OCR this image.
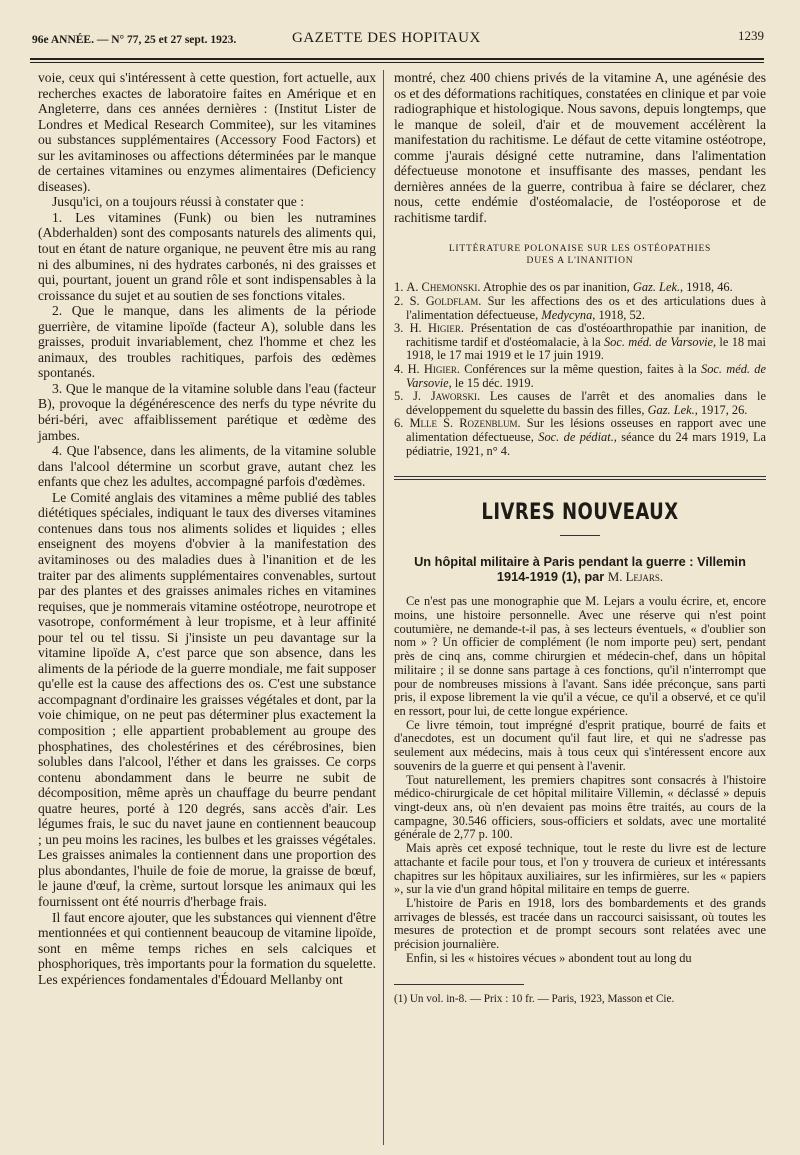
96e ANNÉE. — N° 77, 25 et 27 sept. 1923.	GAZETTE DES HOPITAUX	1239

voie, ceux qui s'intéressent à cette question, fort actuelle, aux recherches exactes de laboratoire faites en Amérique et en Angleterre, dans ces années dernières : (Institut Lister de Londres et Medical Research Commitee), sur les vitamines ou substances supplémentaires (Accessory Food Factors) et sur les avitaminoses ou affections déterminées par le manque de certaines vitamines ou enzymes alimentaires (Deficiency diseases).

Jusqu'ici, on a toujours réussi à constater que :

1. Les vitamines (Funk) ou bien les nutramines (Abderhalden) sont des composants naturels des aliments qui, tout en étant de nature organique, ne peuvent être mis au rang ni des albumines, ni des hydrates carbonés, ni des graisses et qui, pourtant, jouent un grand rôle et sont indispensables à la croissance du sujet et au soutien de ses fonctions vitales.

2. Que le manque, dans les aliments de la période guerrière, de vitamine lipoïde (facteur A), soluble dans les graisses, produit invariablement, chez l'homme et chez les animaux, des troubles rachitiques, parfois des œdèmes spontanés.

3. Que le manque de la vitamine soluble dans l'eau (facteur B), provoque la dégénérescence des nerfs du type névrite du béri-béri, avec affaiblissement parétique et œdème des jambes.

4. Que l'absence, dans les aliments, de la vitamine soluble dans l'alcool détermine un scorbut grave, autant chez les enfants que chez les adultes, accompagné parfois d'œdèmes.

Le Comité anglais des vitamines a même publié des tables diététiques spéciales, indiquant le taux des diverses vitamines contenues dans tous nos aliments solides et liquides ; elles enseignent des moyens d'obvier à la manifestation des avitaminoses ou des maladies dues à l'inanition et de les traiter par des aliments supplémentaires convenables, surtout par des plantes et des graisses animales riches en vitamines requises, que je nommerais vitamine ostéotrope, neurotrope et vasotrope, conformément à leur tropisme, et à leur affinité pour tel ou tel tissu. Si j'insiste un peu davantage sur la vitamine lipoïde A, c'est parce que son absence, dans les aliments de la période de la guerre mondiale, me fait supposer qu'elle est la cause des affections des os. C'est une substance accompagnant d'ordinaire les graisses végétales et dont, par la voie chimique, on ne peut pas déterminer plus exactement la composition ; elle appartient probablement au groupe des phosphatines, des cholestérines et des cérébrosines, bien solubles dans l'alcool, l'éther et dans les graisses. Ce corps contenu abondamment dans le beurre ne subit de décomposition, même après un chauffage du beurre pendant quatre heures, porté à 120 degrés, sans accès d'air. Les légumes frais, le suc du navet jaune en contiennent beaucoup ; un peu moins les racines, les bulbes et les graisses végétales. Les graisses animales la contiennent dans une proportion des plus abondantes, l'huile de foie de morue, la graisse de bœuf, le jaune d'œuf, la crème, surtout lorsque les animaux qui les fournissent ont été nourris d'herbage frais.

Il faut encore ajouter, que les substances qui viennent d'être mentionnées et qui contiennent beaucoup de vitamine lipoïde, sont en même temps riches en sels calciques et phosphoriques, très importants pour la formation du squelette. Les expériences fondamentales d'Édouard Mellanby ont

montré, chez 400 chiens privés de la vitamine A, une agénésie des os et des déformations rachitiques, constatées en clinique et par voie radiographique et histologique. Nous savons, depuis longtemps, que le manque de soleil, d'air et de mouvement accélèrent la manifestation du rachitisme. Le défaut de cette vitamine ostéotrope, comme j'aurais désigné cette nutramine, dans l'alimentation défectueuse monotone et insuffisante des masses, pendant les dernières années de la guerre, contribua à faire se déclarer, chez nous, cette endémie d'ostéomalacie, de l'ostéoporose et de rachitisme tardif.

LITTÉRATURE POLONAISE SUR LES OSTÉOPATHIES
DUES A L'INANITION

1. A. Chemonski. Atrophie des os par inanition, Gaz. Lek., 1918, 46.

2. S. Goldflam. Sur les affections des os et des articulations dues à l'alimentation défectueuse, Medycyna, 1918, 52.

3. H. Higier. Présentation de cas d'ostéoarthropathie par inanition, de rachitisme tardif et d'ostéomalacie, à la Soc. méd. de Varsovie, le 18 mai 1918, le 17 mai 1919 et le 17 juin 1919.

4. H. Higier. Conférences sur la même question, faites à la Soc. méd. de Varsovie, le 15 déc. 1919.

5. J. Jaworski. Les causes de l'arrêt et des anomalies dans le développement du squelette du bassin des filles, Gaz. Lek., 1917, 26.

6. Mlle S. Rozenblum. Sur les lésions osseuses en rapport avec une alimentation défectueuse, Soc. de pédiat., séance du 24 mars 1919, La pédiatrie, 1921, n° 4.

LIVRES NOUVEAUX
Un hôpital militaire à Paris pendant la guerre : Villemin
1914-1919 (1), par M. Lejars.

Ce n'est pas une monographie que M. Lejars a voulu écrire, et, encore moins, une histoire personnelle. Avec une réserve qui n'est point coutumière, ne demande-t-il pas, à ses lecteurs éventuels, « d'oublier son nom » ? Un officier de complément (le nom importe peu) sert, pendant près de cinq ans, comme chirurgien et médecin-chef, dans un hôpital militaire ; il se donne sans partage à ces fonctions, qu'il n'interrompt que pour de nombreuses missions à l'avant. Sans idée préconçue, sans parti pris, il expose librement la vie qu'il a vécue, ce qu'il a observé, et ce qu'il en ressort, pour lui, de cette longue expérience.

Ce livre témoin, tout imprégné d'esprit pratique, bourré de faits et d'anecdotes, est un document qu'il faut lire, et qui ne s'adresse pas seulement aux médecins, mais à tous ceux qui s'intéressent encore aux souvenirs de la guerre et qui pensent à l'avenir.

Tout naturellement, les premiers chapitres sont consacrés à l'histoire médico-chirurgicale de cet hôpital militaire Villemin, « déclassé » depuis vingt-deux ans, où n'en devaient pas moins être traités, au cours de la campagne, 30.546 officiers, sous-officiers et soldats, avec une mortalité générale de 2,77 p. 100.

Mais après cet exposé technique, tout le reste du livre est de lecture attachante et facile pour tous, et l'on y trouvera de curieux et intéressants chapitres sur les hôpitaux auxiliaires, sur les infirmières, sur les « papiers », sur la vie d'un grand hôpital militaire en temps de guerre.

L'histoire de Paris en 1918, lors des bombardements et des grands arrivages de blessés, est tracée dans un raccourci saisissant, où toutes les mesures de protection et de prompt secours sont relatées avec une précision journalière.

Enfin, si les « histoires vécues » abondent tout au long du

(1) Un vol. in-8. — Prix : 10 fr. — Paris, 1923, Masson et Cie.
